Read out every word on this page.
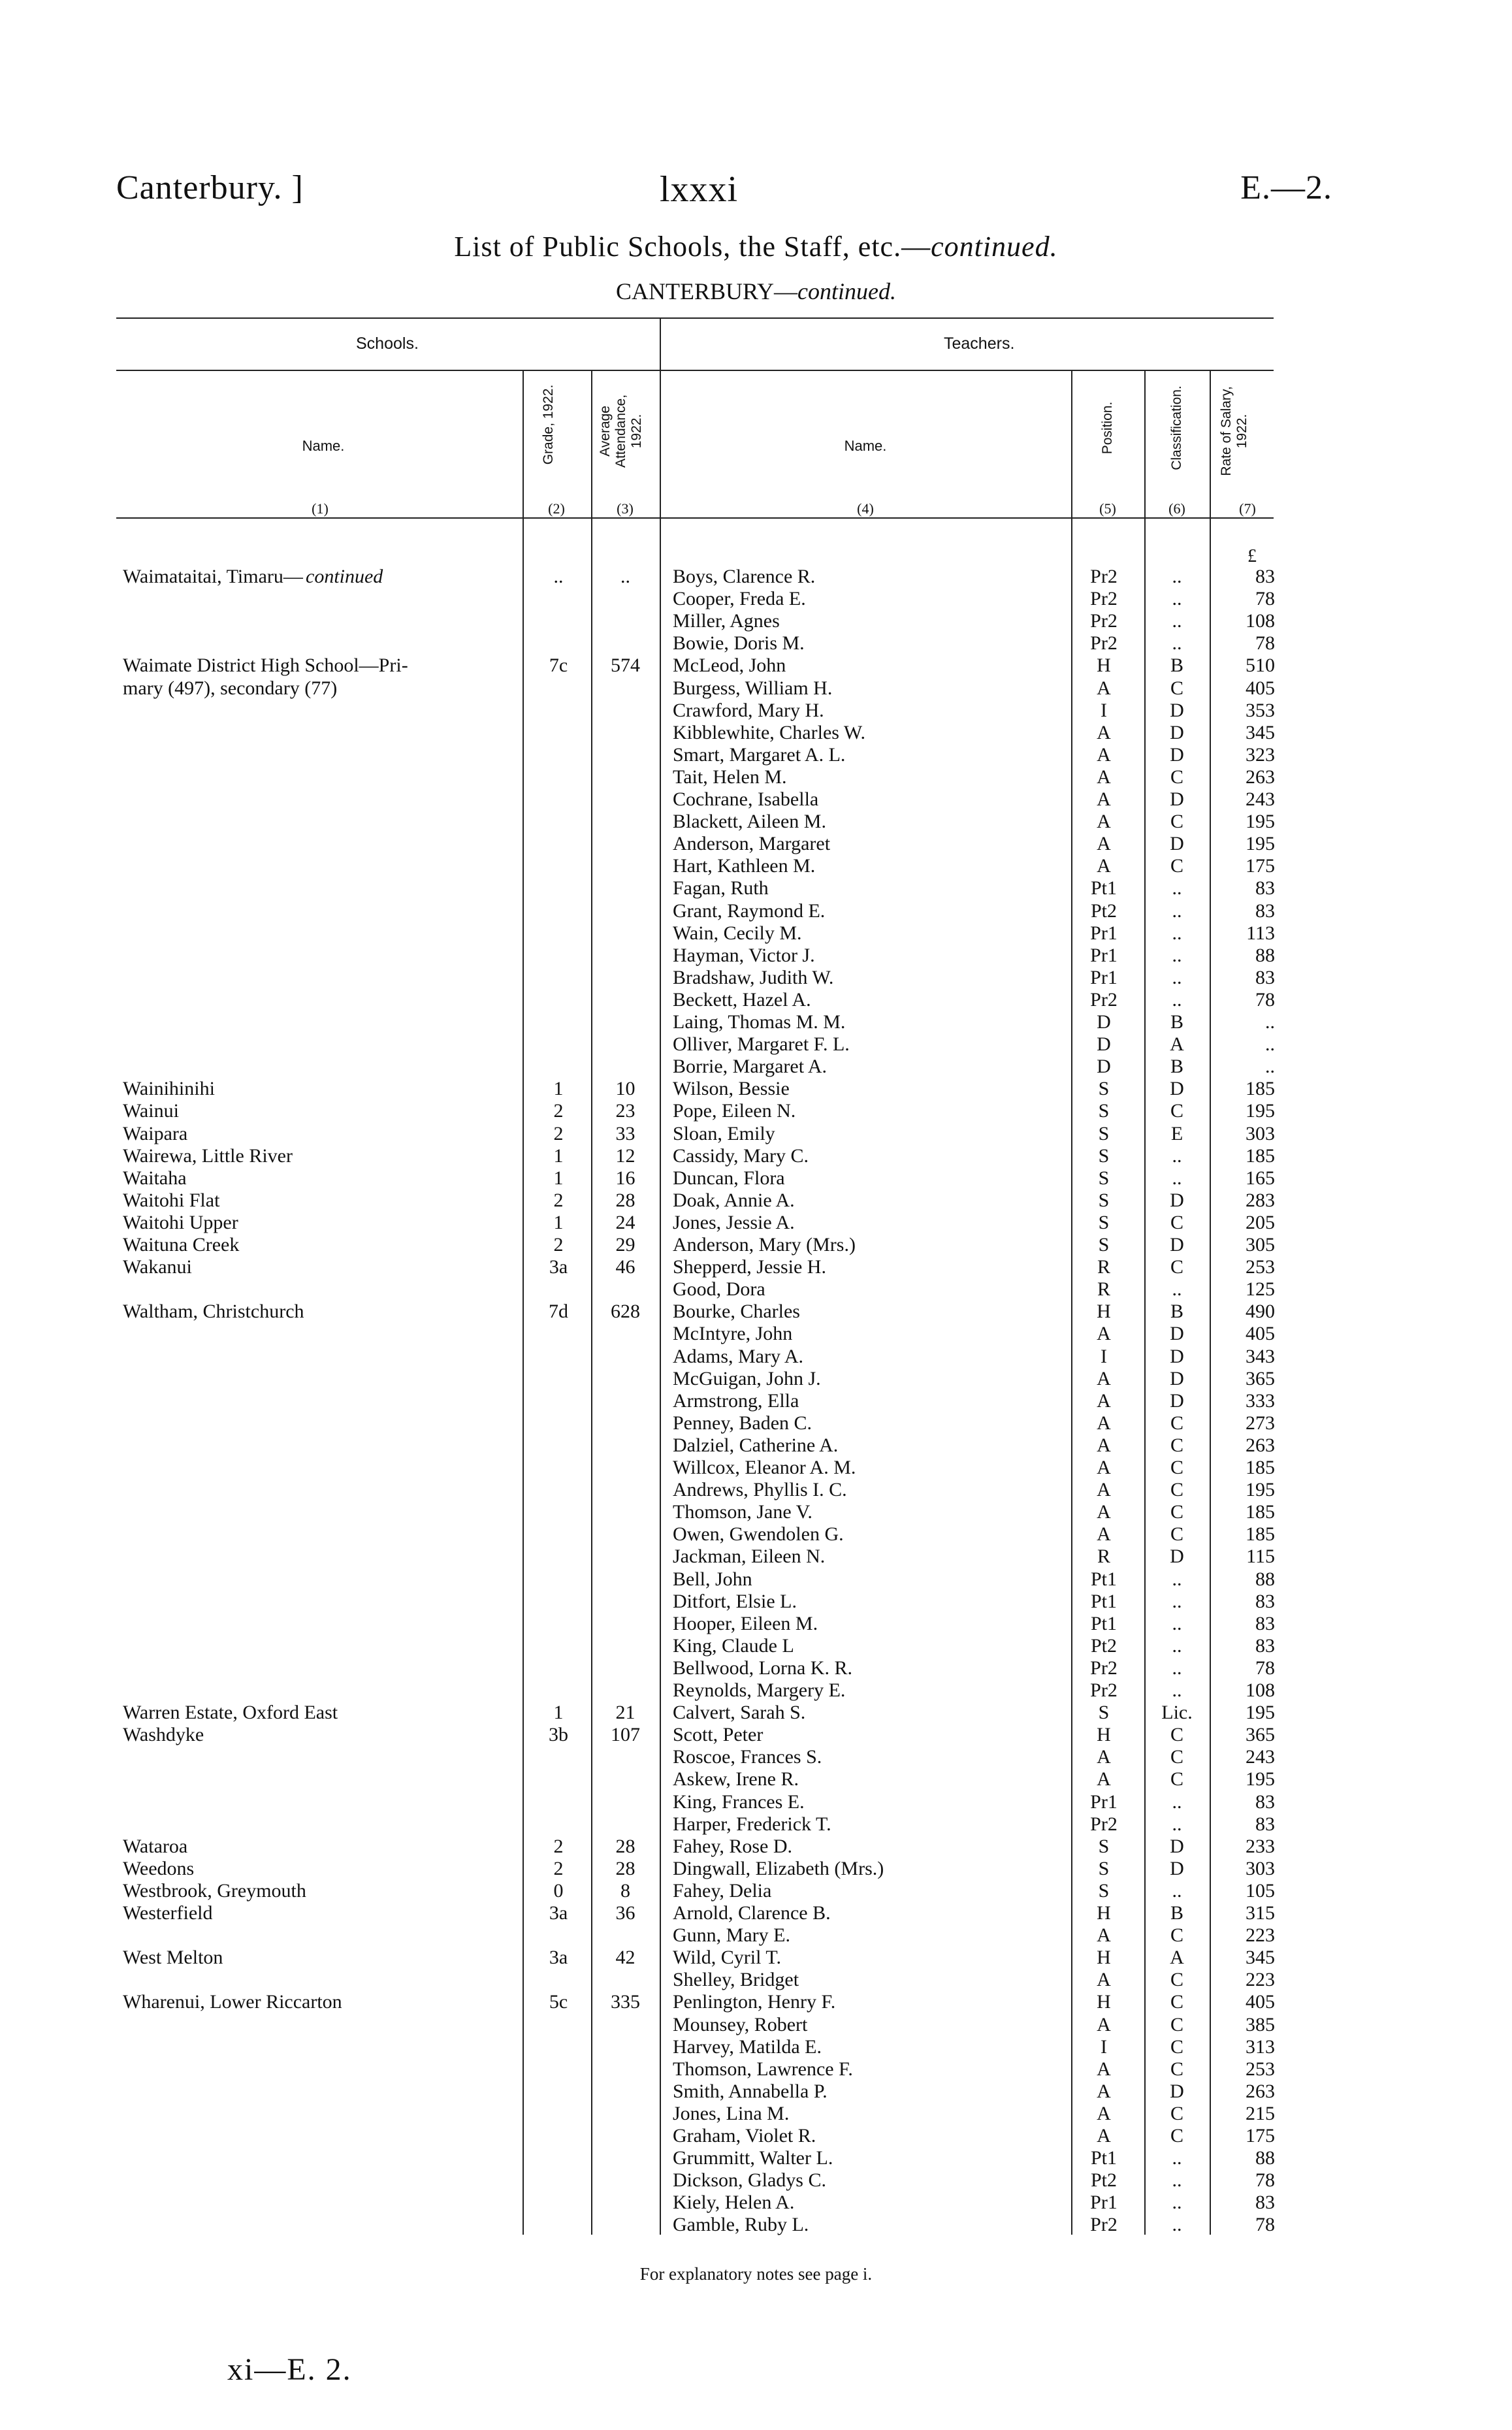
Canterbury. ]	lxxxi	E.—2.
List of Public Schools, the Staff, etc.—continued.
CANTERBURY—continued.
Schools.	Teachers.
Name.	Grade, 1922.	Average Attendance, 1922.	Name.	Position.	Classification.	Rate of Salary, 1922.
(1)	(2)	(3)	(4)	(5)	(6)	(7)
£
Waimataitai, Timaru— continued	..	..	Boys, Clarence R.	Pr2	..	83
Cooper, Freda E.	Pr2	..	78
Miller, Agnes	Pr2	..	108
Bowie, Doris M.	Pr2	..	78
Waimate District High School—Pri-	7c	574	McLeod, John	H	B	510
mary (497), secondary (77)	Burgess, William H.	A	C	405
Crawford, Mary H.	I	D	353
Kibblewhite, Charles W.	A	D	345
Smart, Margaret A. L.	A	D	323
Tait, Helen M.	A	C	263
Cochrane, Isabella	A	D	243
Blackett, Aileen M.	A	C	195
Anderson, Margaret	A	D	195
Hart, Kathleen M.	A	C	175
Fagan, Ruth	Pt1	..	83
Grant, Raymond E.	Pt2	..	83
Wain, Cecily M.	Pr1	..	113
Hayman, Victor J.	Pr1	..	88
Bradshaw, Judith W.	Pr1	..	83
Beckett, Hazel A.	Pr2	..	78
Laing, Thomas M. M.	D	B	..
Olliver, Margaret F. L.	D	A	..
Borrie, Margaret A.	D	B	..
Wainihinihi	1	10	Wilson, Bessie	S	D	185
Wainui	2	23	Pope, Eileen N.	S	C	195
Waipara	2	33	Sloan, Emily	S	E	303
Wairewa, Little River	1	12	Cassidy, Mary C.	S	..	185
Waitaha	1	16	Duncan, Flora	S	..	165
Waitohi Flat	2	28	Doak, Annie A.	S	D	283
Waitohi Upper	1	24	Jones, Jessie A.	S	C	205
Waituna Creek	2	29	Anderson, Mary (Mrs.)	S	D	305
Wakanui	3a	46	Shepperd, Jessie H.	R	C	253
Good, Dora	R	..	125
Waltham, Christchurch	7d	628	Bourke, Charles	H	B	490
McIntyre, John	A	D	405
Adams, Mary A.	I	D	343
McGuigan, John J.	A	D	365
Armstrong, Ella	A	D	333
Penney, Baden C.	A	C	273
Dalziel, Catherine A.	A	C	263
Willcox, Eleanor A. M.	A	C	185
Andrews, Phyllis I. C.	A	C	195
Thomson, Jane V.	A	C	185
Owen, Gwendolen G.	A	C	185
Jackman, Eileen N.	R	D	115
Bell, John	Pt1	..	88
Ditfort, Elsie L.	Pt1	..	83
Hooper, Eileen M.	Pt1	..	83
King, Claude L	Pt2	..	83
Bellwood, Lorna K. R.	Pr2	..	78
Reynolds, Margery E.	Pr2	..	108
Warren Estate, Oxford East	1	21	Calvert, Sarah S.	S	Lic.	195
Washdyke	3b	107	Scott, Peter	H	C	365
Roscoe, Frances S.	A	C	243
Askew, Irene R.	A	C	195
King, Frances E.	Pr1	..	83
Harper, Frederick T.	Pr2	..	83
Wataroa	2	28	Fahey, Rose D.	S	D	233
Weedons	2	28	Dingwall, Elizabeth (Mrs.)	S	D	303
Westbrook, Greymouth	0	8	Fahey, Delia	S	..	105
Westerfield	3a	36	Arnold, Clarence B.	H	B	315
Gunn, Mary E.	A	C	223
West Melton	3a	42	Wild, Cyril T.	H	A	345
Shelley, Bridget	A	C	223
Wharenui, Lower Riccarton	5c	335	Penlington, Henry F.	H	C	405
Mounsey, Robert	A	C	385
Harvey, Matilda E.	I	C	313
Thomson, Lawrence F.	A	C	253
Smith, Annabella P.	A	D	263
Jones, Lina M.	A	C	215
Graham, Violet R.	A	C	175
Grummitt, Walter L.	Pt1	..	88
Dickson, Gladys C.	Pt2	..	78
Kiely, Helen A.	Pr1	..	83
Gamble, Ruby L.	Pr2	..	78
For explanatory notes see page i.
xi—E. 2.
